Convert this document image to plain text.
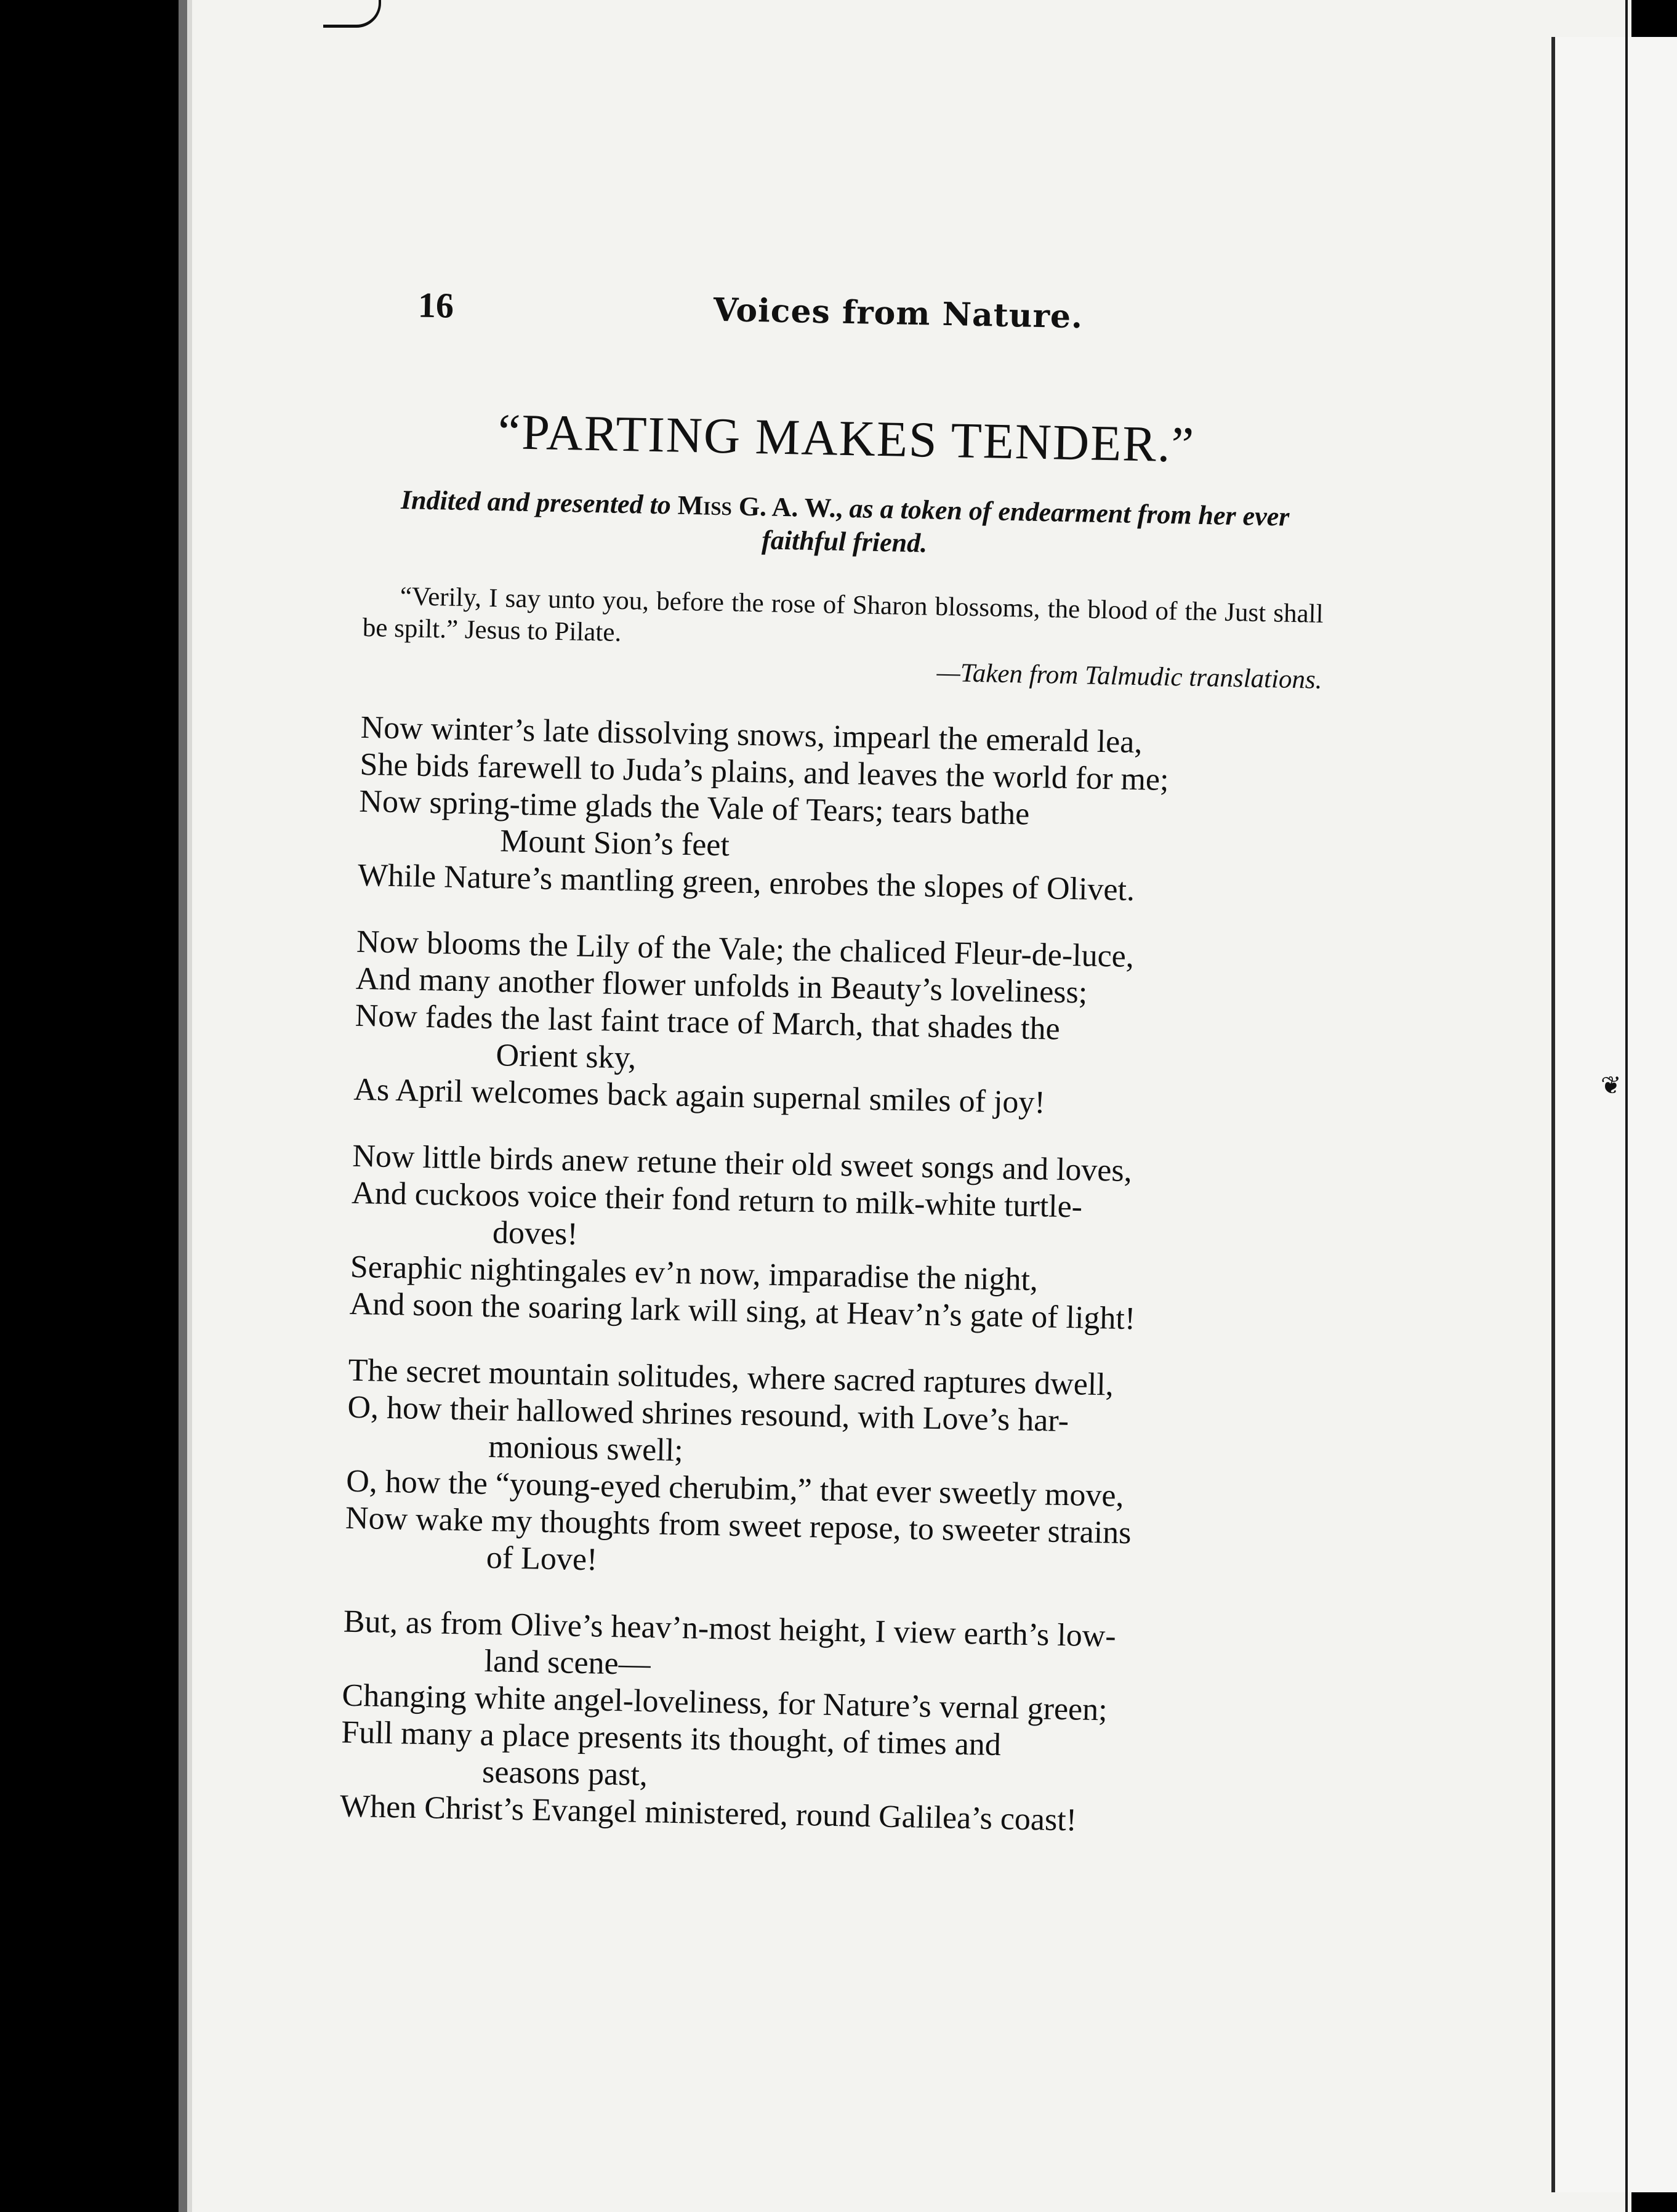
❦
16	Voices from Nature.
“PARTING MAKES TENDER.”
Indited and presented to Miss G. A. W., as a token of endearment from her ever faithful friend.
“Verily, I say unto you, before the rose of Sharon blossoms, the blood of the Just shall be spilt.” Jesus to Pilate.
—Taken from Talmudic translations.
Now winter’s late dissolving snows, impearl the emerald lea,
She bids farewell to Juda’s plains, and leaves the world for me;
Now spring-time glads the Vale of Tears; tears bathe
Mount Sion’s feet
While Nature’s mantling green, enrobes the slopes of Olivet.
Now blooms the Lily of the Vale; the chaliced Fleur-de-luce,
And many another flower unfolds in Beauty’s loveliness;
Now fades the last faint trace of March, that shades the
Orient sky,
As April welcomes back again supernal smiles of joy!
Now little birds anew retune their old sweet songs and loves,
And cuckoos voice their fond return to milk-white turtle-
doves!
Seraphic nightingales ev’n now, imparadise the night,
And soon the soaring lark will sing, at Heav’n’s gate of light!
The secret mountain solitudes, where sacred raptures dwell,
O, how their hallowed shrines resound, with Love’s har-
monious swell;
O, how the “young-eyed cherubim,” that ever sweetly move,
Now wake my thoughts from sweet repose, to sweeter strains
of Love!
But, as from Olive’s heav’n-most height, I view earth’s low-
land scene—
Changing white angel-loveliness, for Nature’s vernal green;
Full many a place presents its thought, of times and
seasons past,
When Christ’s Evangel ministered, round Galilea’s coast!
